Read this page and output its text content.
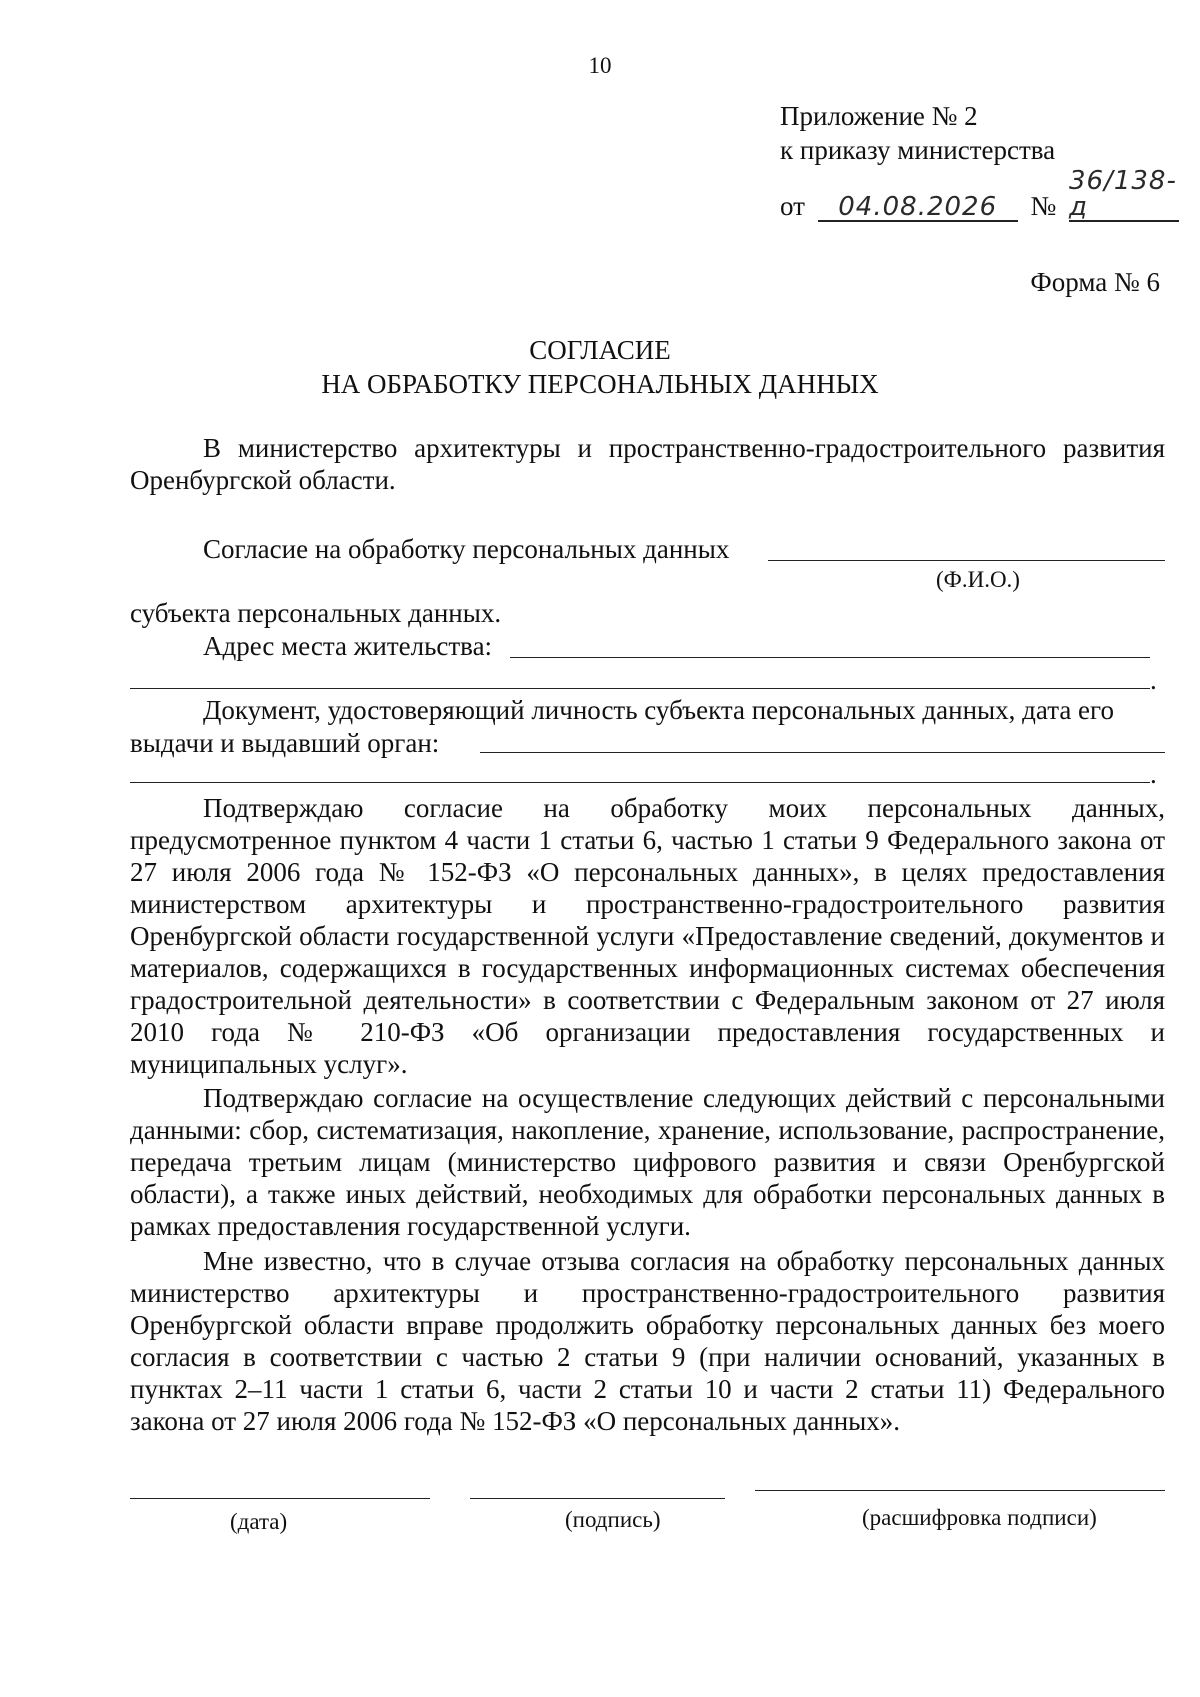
10
Приложение № 2
к приказу министерства
от 04.08.2026 № 36/138-д
Форма № 6
СОГЛАСИЕ
НА ОБРАБОТКУ ПЕРСОНАЛЬНЫХ ДАННЫХ
В министерство архитектуры и пространственно-градостроительного развития Оренбургской области.
Согласие на обработку персональных данных
(Ф.И.О.)
субъекта персональных данных.
Адрес места жительства:
.
Документ, удостоверяющий личность субъекта персональных данных, дата его
выдачи и выдавший орган:
.
Подтверждаю согласие на обработку моих персональных данных, предусмотренное пунктом 4 части 1 статьи 6, частью 1 статьи 9 Федерального закона от 27 июля 2006 года № 152-ФЗ «О персональных данных», в целях предоставления министерством архитектуры и пространственно-градостроительного развития Оренбургской области государственной услуги «Предоставление сведений, документов и материалов, содержащихся в государственных информационных системах обеспечения градостроительной деятельности» в соответствии с Федеральным законом от 27 июля 2010 года № 210-ФЗ «Об организации предоставления государственных и муниципальных услуг».
Подтверждаю согласие на осуществление следующих действий с персональными данными: сбор, систематизация, накопление, хранение, использование, распространение, передача третьим лицам (министерство цифрового развития и связи Оренбургской области), а также иных действий, необходимых для обработки персональных данных в рамках предоставления государственной услуги.
Мне известно, что в случае отзыва согласия на обработку персональных данных министерство архитектуры и пространственно-градостроительного развития Оренбургской области вправе продолжить обработку персональных данных без моего согласия в соответствии с частью 2 статьи 9 (при наличии оснований, указанных в пунктах 2–11 части 1 статьи 6, части 2 статьи 10 и части 2 статьи 11) Федерального закона от 27 июля 2006 года № 152-ФЗ «О персональных данных».
(дата)	(подпись)	(расшифровка подписи)
